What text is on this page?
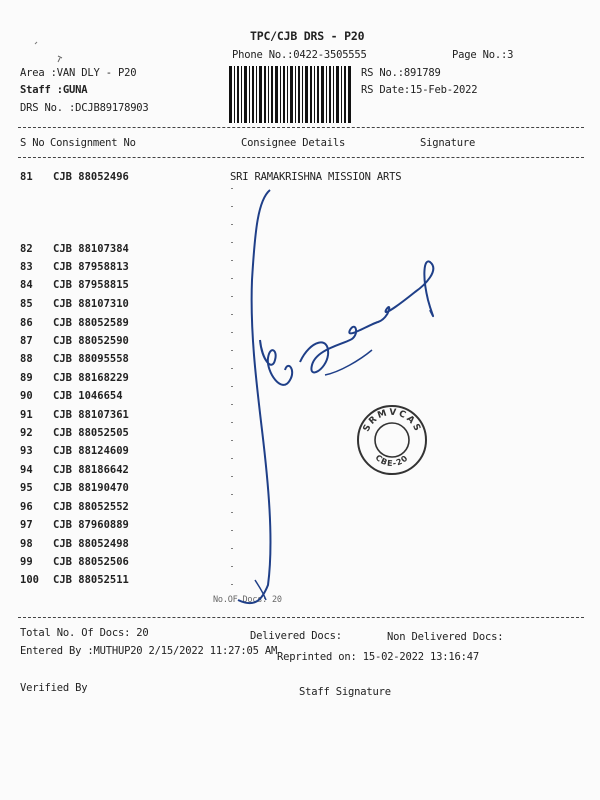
TPC/CJB DRS - P20
Phone No.:0422-3505555	Page No.:3
Area :VAN DLY - P20
Staff :GUNA
DRS No. :DCJB89178903
RS No.:891789
RS Date:15-Feb-2022
S No Consignment No	Consignee Details	Signature
81 CJB 88052496	SRI RAMAKRISHNA MISSION ARTS
82 CJB 88107384
83 CJB 87958813
84 CJB 87958815
85 CJB 88107310
86 CJB 88052589
87 CJB 88052590
88 CJB 88095558
89 CJB 88168229
90 CJB 1046654
91 CJB 88107361
92 CJB 88052505
93 CJB 88124609
94 CJB 88186642
95 CJB 88190470
96 CJB 88052552
97 CJB 87960889
98 CJB 88052498
99 CJB 88052506
100 CJB 88052511
No.OF Docs: 20
Total No. Of Docs: 20	Delivered Docs:	Non Delivered Docs:
Entered By :MUTHUP20 2/15/2022 11:27:05 AM Reprinted on: 15-02-2022 13:16:47
Verified By	Staff Signature
SRMVCAS
CBE-20
